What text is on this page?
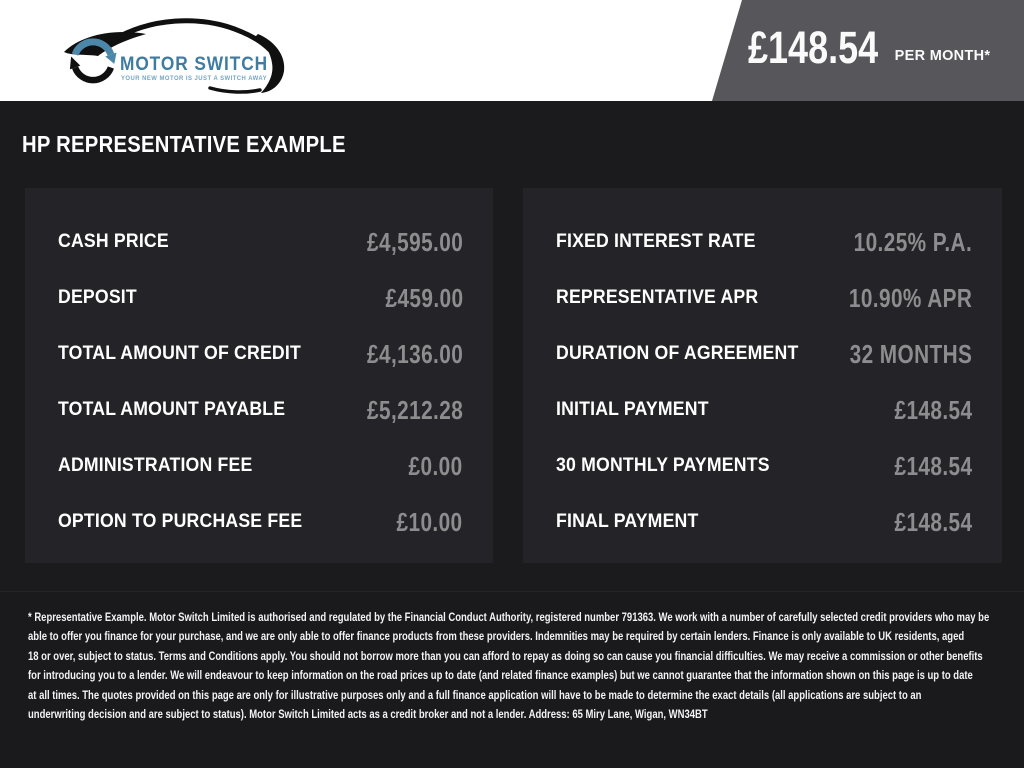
MOTOR SWITCH
YOUR NEW MOTOR IS JUST A SWITCH AWAY
£148.54 PER MONTH*
HP REPRESENTATIVE EXAMPLE
CASH PRICE	£4,595.00
DEPOSIT	£459.00
TOTAL AMOUNT OF CREDIT	£4,136.00
TOTAL AMOUNT PAYABLE	£5,212.28
ADMINISTRATION FEE	£0.00
OPTION TO PURCHASE FEE	£10.00
FIXED INTEREST RATE	10.25% P.A.
REPRESENTATIVE APR	10.90% APR
DURATION OF AGREEMENT 32 MONTHS
INITIAL PAYMENT	£148.54
30 MONTHLY PAYMENTS	£148.54
FINAL PAYMENT	£148.54
* Representative Example. Motor Switch Limited is authorised and regulated by the Financial Conduct Authority, registered number 791363. We work with a number of carefully selected credit providers who may be
able to offer you finance for your purchase, and we are only able to offer finance products from these providers. Indemnities may be required by certain lenders. Finance is only available to UK residents, aged
18 or over, subject to status. Terms and Conditions apply. You should not borrow more than you can afford to repay as doing so can cause you financial difficulties. We may receive a commission or other benefits
for introducing you to a lender. We will endeavour to keep information on the road prices up to date (and related finance examples) but we cannot guarantee that the information shown on this page is up to date
at all times. The quotes provided on this page are only for illustrative purposes only and a full finance application will have to be made to determine the exact details (all applications are subject to an
underwriting decision and are subject to status). Motor Switch Limited acts as a credit broker and not a lender. Address: 65 Miry Lane, Wigan, WN34BT
